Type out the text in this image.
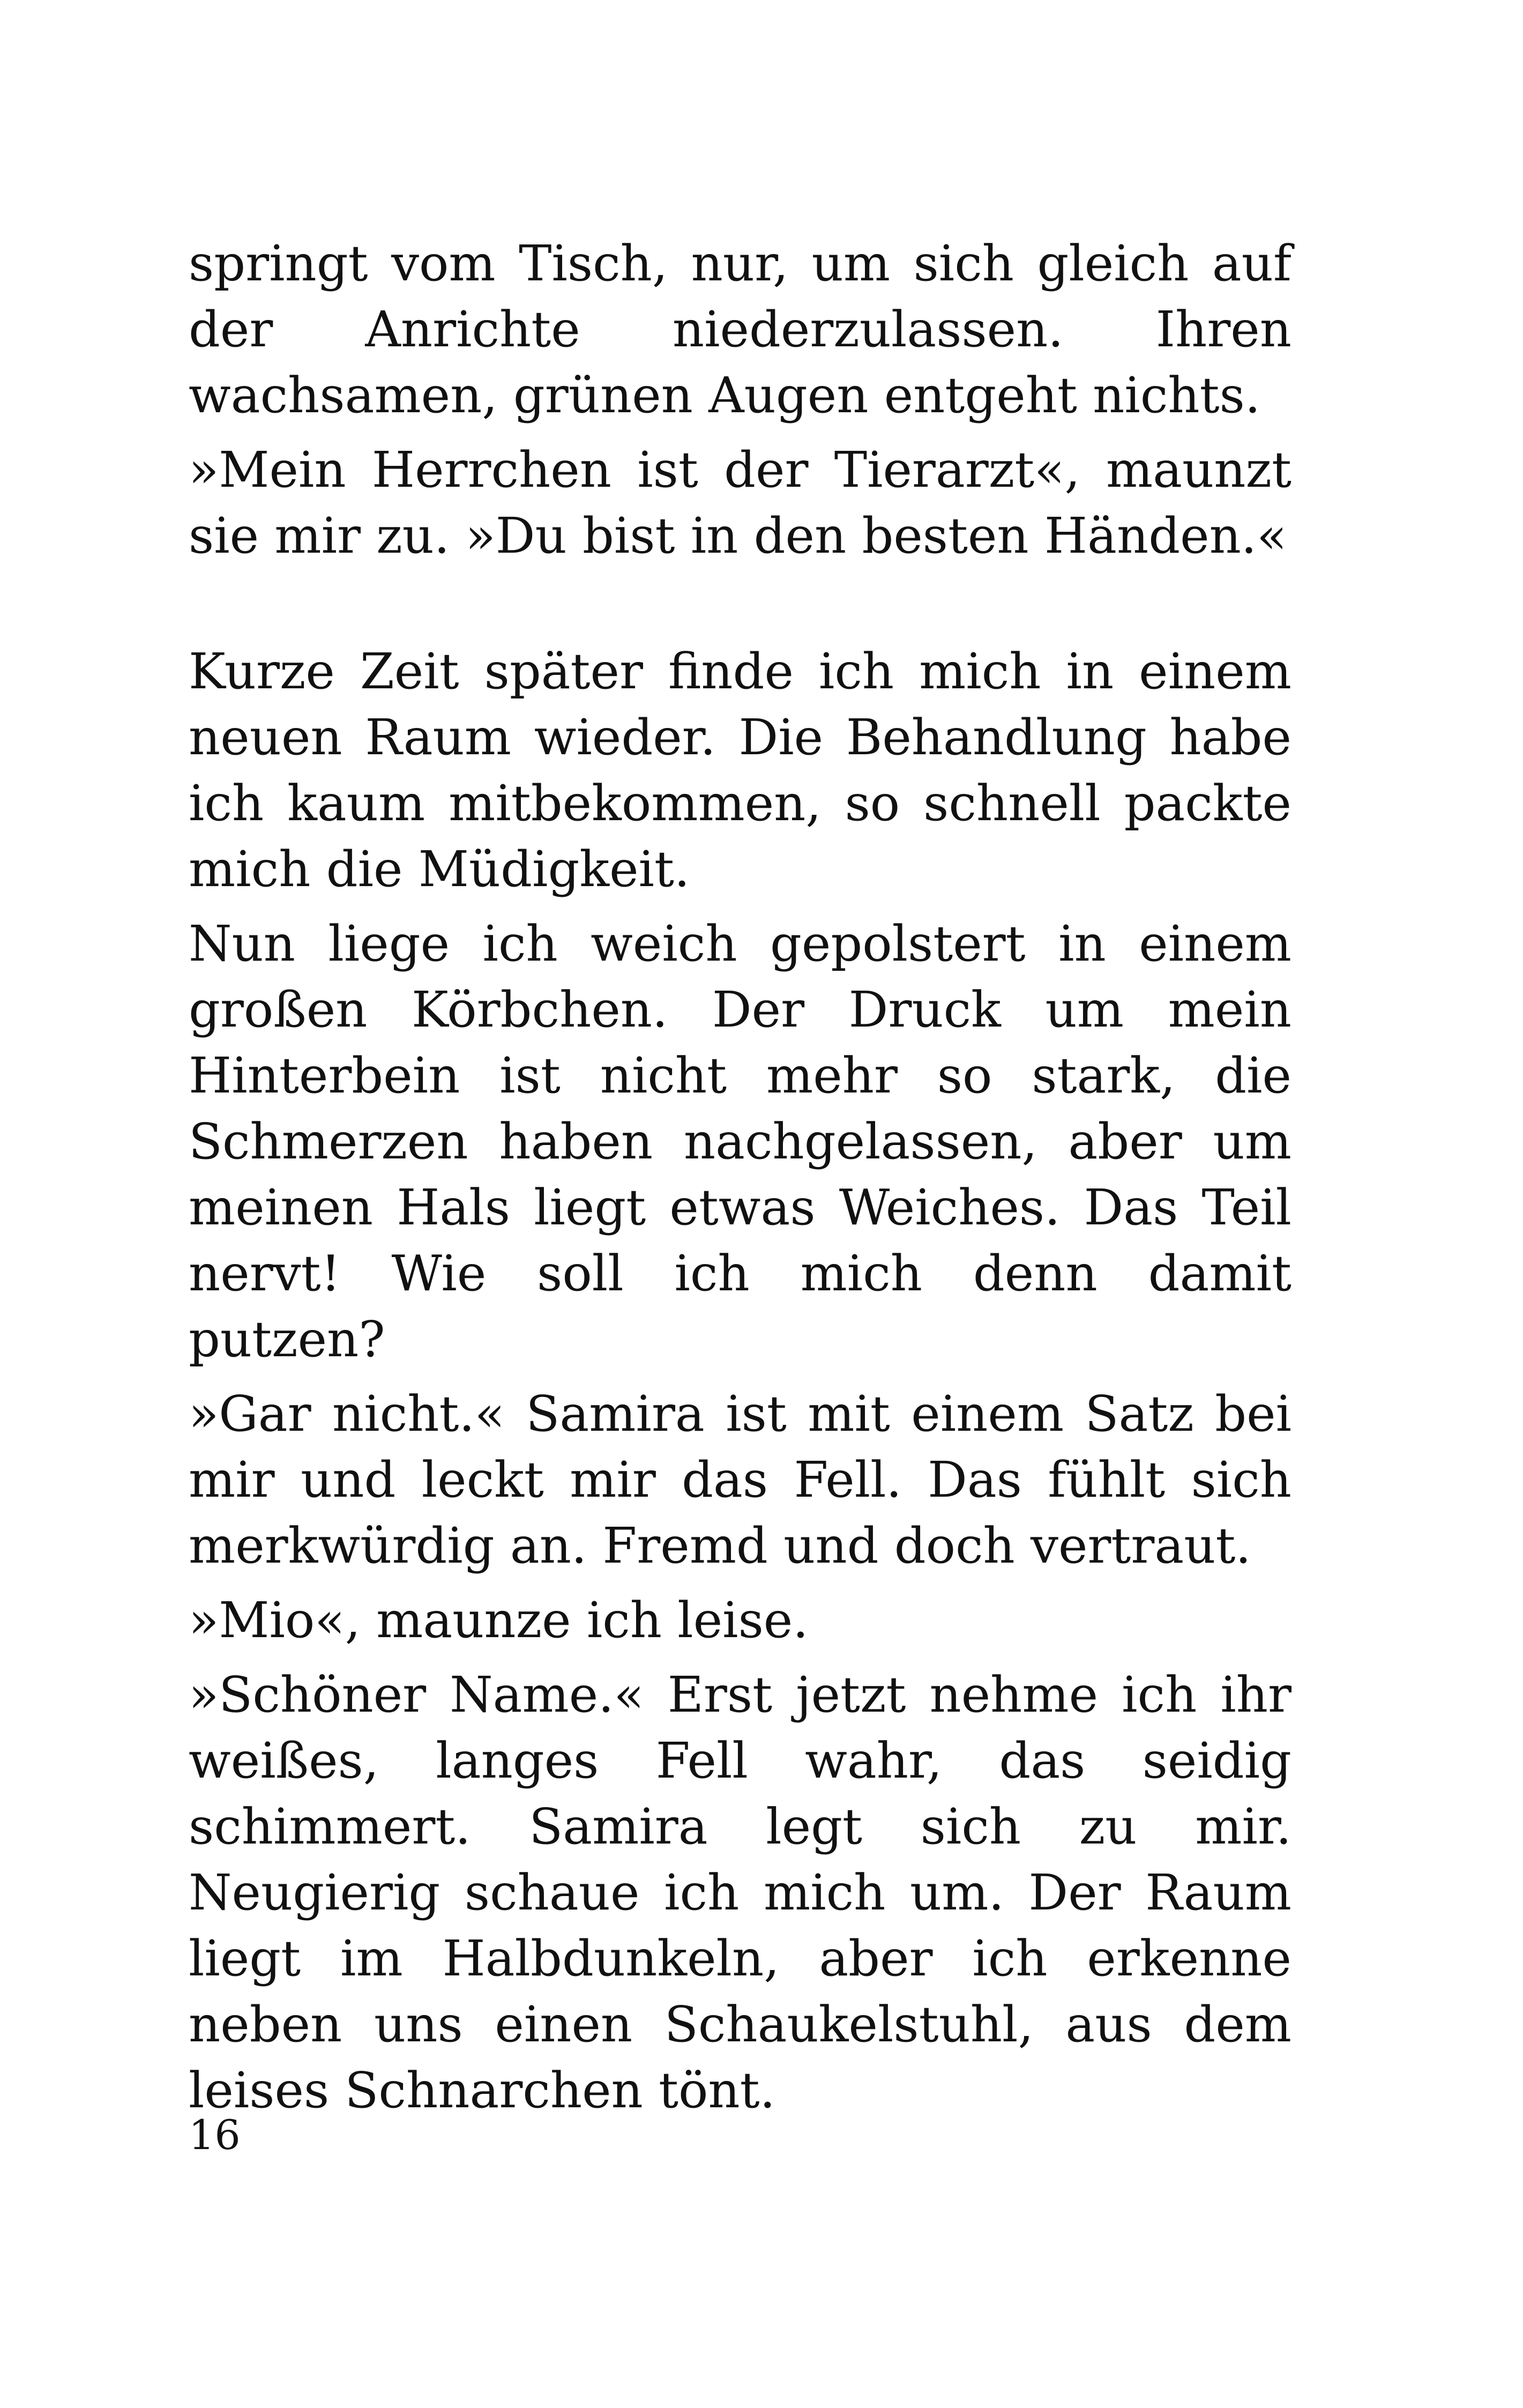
springt vom Tisch, nur, um sich gleich auf der Anrichte niederzulassen. Ihren wachsamen, grünen Augen entgeht nichts.

»Mein Herrchen ist der Tierarzt«, maunzt sie mir zu. »Du bist in den besten Händen.«

Kurze Zeit später finde ich mich in einem neuen Raum wieder. Die Behandlung habe ich kaum mitbekommen, so schnell packte mich die Müdigkeit.

Nun liege ich weich gepolstert in einem großen Körbchen. Der Druck um mein Hinterbein ist nicht mehr so stark, die Schmerzen haben nachgelassen, aber um meinen Hals liegt etwas Weiches. Das Teil nervt! Wie soll ich mich denn damit putzen?

»Gar nicht.« Samira ist mit einem Satz bei mir und leckt mir das Fell. Das fühlt sich merkwürdig an. Fremd und doch vertraut.

»Mio«, maunze ich leise.

»Schöner Name.« Erst jetzt nehme ich ihr weißes, langes Fell wahr, das seidig schimmert. Samira legt sich zu mir. Neugierig schaue ich mich um. Der Raum liegt im Halbdunkeln, aber ich erkenne neben uns einen Schaukelstuhl, aus dem leises Schnarchen tönt.

16
